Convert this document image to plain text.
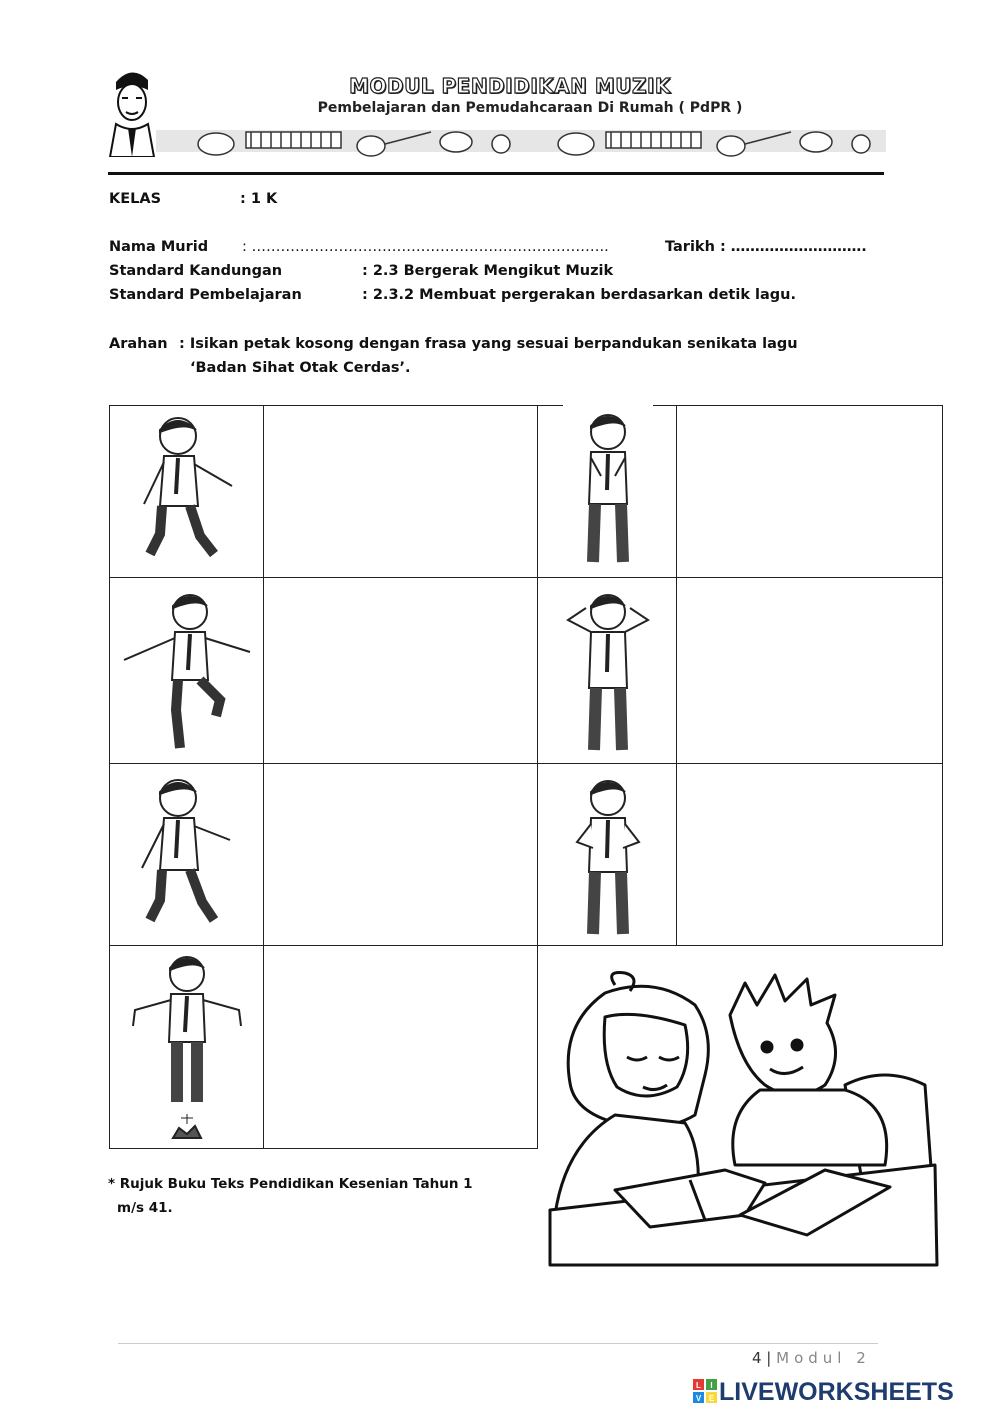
MODUL PENDIDIKAN MUZIK
Pembelajaran dan Pemudahcaraan Di Rumah ( PdPR )
KELAS	: 1 K
Nama Murid : ………………………………………………………………..	Tarikh : ……………………….
Standard Kandungan	: 2.3 Bergerak Mengikut Muzik
Standard Pembelajaran	: 2.3.2 Membuat pergerakan berdasarkan detik lagu.
Arahan : Isikan petak kosong dengan frasa yang sesuai berpandukan senikata lagu
‘Badan Sihat Otak Cerdas’.
* Rujuk Buku Teks Pendidikan Kesenian Tahun 1
m/s 41.
4 | Modul 2
L I
V E LIVEWORKSHEETS
